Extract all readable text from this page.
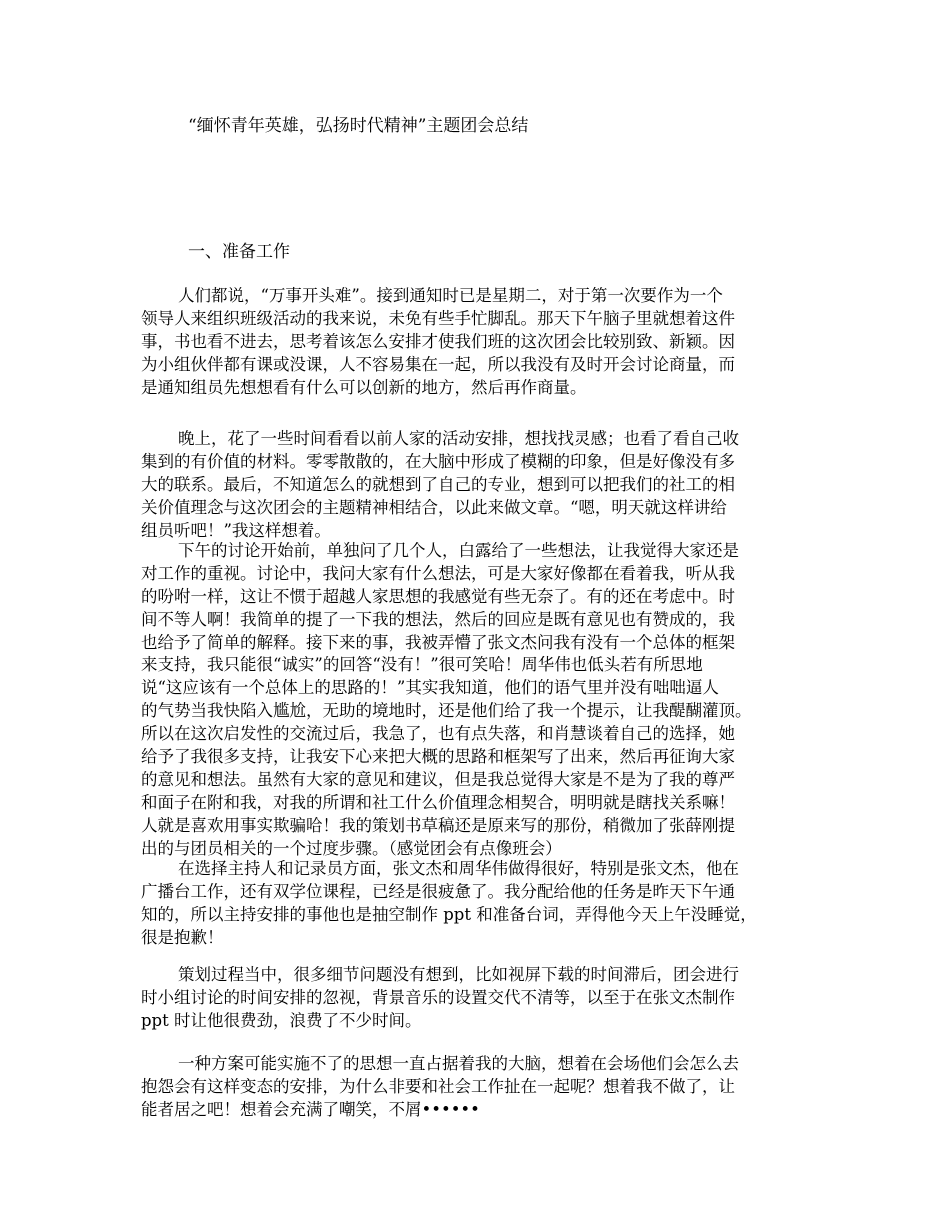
“缅怀青年英雄，弘扬时代精神”主题团会总结
一、准备工作
人们都说，“万事开头难”。接到通知时已是星期二，对于第一次要作为一个
领导人来组织班级活动的我来说，未免有些手忙脚乱。那天下午脑子里就想着这件
事，书也看不进去，思考着该怎么安排才使我们班的这次团会比较别致、新颖。因
为小组伙伴都有课或没课，人不容易集在一起，所以我没有及时开会讨论商量，而
是通知组员先想想看有什么可以创新的地方，然后再作商量。
晚上，花了一些时间看看以前人家的活动安排，想找找灵感；也看了看自己收
集到的有价值的材料。零零散散的，在大脑中形成了模糊的印象，但是好像没有多
大的联系。最后，不知道怎么的就想到了自己的专业，想到可以把我们的社工的相
关价值理念与这次团会的主题精神相结合，以此来做文章。“嗯，明天就这样讲给
组员听吧！”我这样想着。
下午的讨论开始前，单独问了几个人，白露给了一些想法，让我觉得大家还是
对工作的重视。讨论中，我问大家有什么想法，可是大家好像都在看着我，听从我
的吩咐一样，这让不惯于超越人家思想的我感觉有些无奈了。有的还在考虑中。时
间不等人啊！我简单的提了一下我的想法，然后的回应是既有意见也有赞成的，我
也给予了简单的解释。接下来的事，我被弄懵了张文杰问我有没有一个总体的框架
来支持，我只能很“诚实”的回答“没有！”很可笑哈！周华伟也低头若有所思地
说“这应该有一个总体上的思路的！”其实我知道，他们的语气里并没有咄咄逼人
的气势当我快陷入尴尬，无助的境地时，还是他们给了我一个提示，让我醍醐灌顶。
所以在这次启发性的交流过后，我急了，也有点失落，和肖慧谈着自己的选择，她
给予了我很多支持，让我安下心来把大概的思路和框架写了出来，然后再征询大家
的意见和想法。虽然有大家的意见和建议，但是我总觉得大家是不是为了我的尊严
和面子在附和我，对我的所谓和社工什么价值理念相契合，明明就是瞎找关系嘛！
人就是喜欢用事实欺骗哈！我的策划书草稿还是原来写的那份，稍微加了张薛刚提
出的与团员相关的一个过度步骤。（感觉团会有点像班会）
在选择主持人和记录员方面，张文杰和周华伟做得很好，特别是张文杰，他在
广播台工作，还有双学位课程，已经是很疲惫了。我分配给他的任务是昨天下午通
知的，所以主持安排的事他也是抽空制作 ppt 和准备台词，弄得他今天上午没睡觉，
很是抱歉！
策划过程当中，很多细节问题没有想到，比如视屏下载的时间滞后，团会进行
时小组讨论的时间安排的忽视，背景音乐的设置交代不清等，以至于在张文杰制作
ppt 时让他很费劲，浪费了不少时间。
一种方案可能实施不了的思想一直占据着我的大脑，想着在会场他们会怎么去
抱怨会有这样变态的安排，为什么非要和社会工作扯在一起呢？想着我不做了，让
能者居之吧！想着会充满了嘲笑，不屑••••••
